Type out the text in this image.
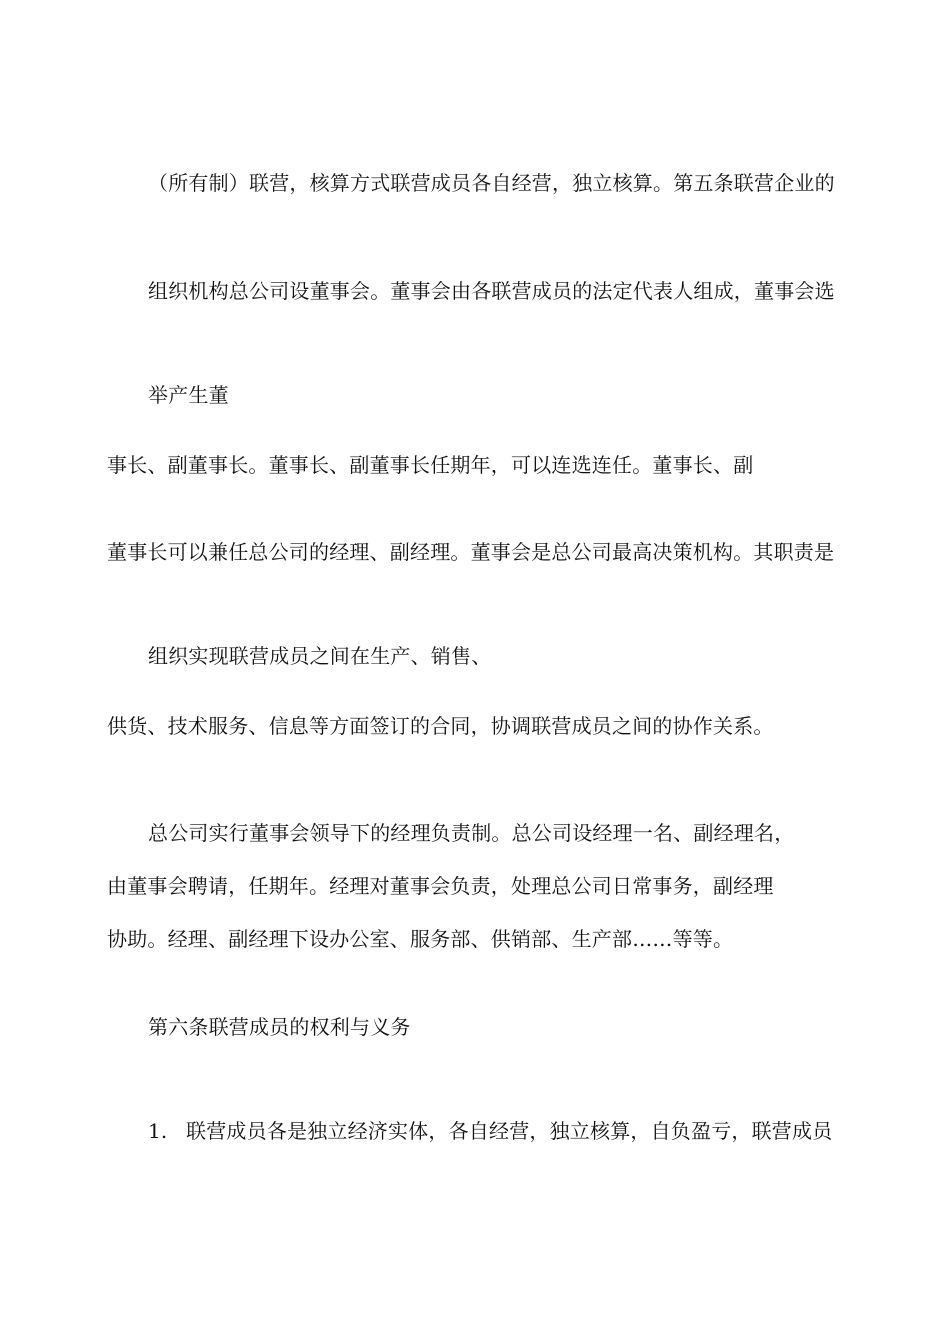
（所有制）联营，核算方式联营成员各自经营，独立核算。第五条联营企业的
组织机构总公司设董事会。董事会由各联营成员的法定代表人组成，董事会选
举产生董
事长、副董事长。董事长、副董事长任期年，可以连选连任。董事长、副
董事长可以兼任总公司的经理、副经理。董事会是总公司最高决策机构。其职责是
组织实现联营成员之间在生产、销售、
供货、技术服务、信息等方面签订的合同，协调联营成员之间的协作关系。
总公司实行董事会领导下的经理负责制。总公司设经理一名、副经理名，
由董事会聘请，任期年。经理对董事会负责，处理总公司日常事务，副经理
协助。经理、副经理下设办公室、服务部、供销部、生产部……等等。
第六条联营成员的权利与义务
1. 联营成员各是独立经济实体，各自经营，独立核算，自负盈亏，联营成员
